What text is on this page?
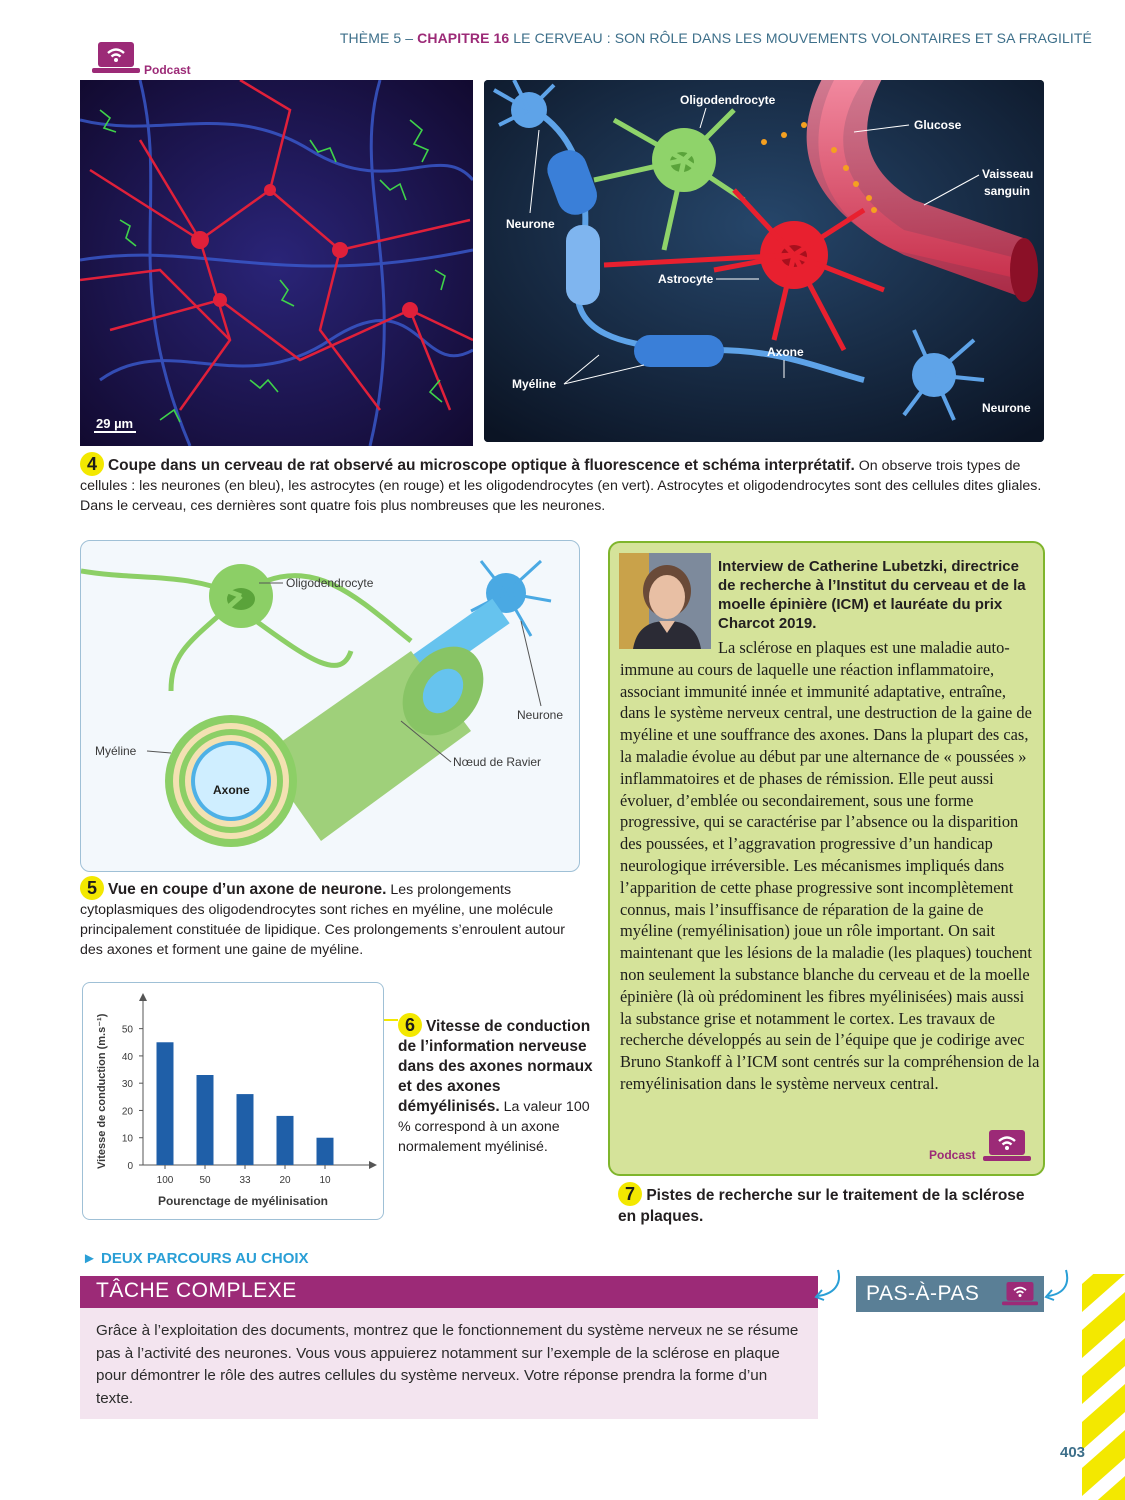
THÈME 5 – CHAPITRE 16 LE CERVEAU : SON RÔLE DANS LES MOUVEMENTS VOLONTAIRES ET SA FRAGILITÉ
Podcast
29 µm
Oligodendrocyte
Glucose
Vaisseau
sanguin
Neurone
Astrocyte
Axone
Myéline
Neurone
4 Coupe dans un cerveau de rat observé au microscope optique à fluorescence et schéma interprétatif. On observe trois types de cellules : les neurones (en bleu), les astrocytes (en rouge) et les oligodendrocytes (en vert). Astrocytes et oligodendrocytes sont des cellules dites gliales. Dans le cerveau, ces dernières sont quatre fois plus nombreuses que les neurones.
Oligodendrocyte
Neurone
Myéline
Nœud de Ravier
Axone
5 Vue en coupe d’un axone de neurone. Les prolongements cytoplasmiques des oligodendrocytes sont riches en myéline, une molécule principalement constituée de lipidique. Ces prolongements s’enroulent autour des axones et forment une gaine de myéline.
Vitesse de conduction (m.s⁻¹)
Pourenctage de myélinisation
0
10
20
30
40
50
100	50	33	20	10
6 Vitesse de conduction de l’information nerveuse dans des axones normaux et des axones démyélinisés. La valeur 100 % correspond à un axone normalement myélinisé.
Interview de Catherine Lubetzki, directrice de recherche à l’Institut du cerveau et de la moelle épinière (ICM) et lauréate du prix Charcot 2019.

La sclérose en plaques est une maladie auto-immune au cours de laquelle une réaction inflammatoire, associant immunité innée et immunité adaptative, entraîne, dans le système nerveux central, une destruction de la gaine de myéline et une souffrance des axones. Dans la plupart des cas, la maladie évolue au début par une alternance de « poussées » inflammatoires et de phases de rémission. Elle peut aussi évoluer, d’emblée ou secondairement, sous une forme progressive, qui se caractérise par l’absence ou la disparition des poussées, et l’aggravation progressive d’un handicap neurologique irréversible. Les mécanismes impliqués dans l’apparition de cette phase progressive sont incomplètement connus, mais l’insuffisance de réparation de la gaine de myéline (remyélinisation) joue un rôle important. On sait maintenant que les lésions de la maladie (les plaques) touchent non seulement la substance blanche du cerveau et de la moelle épinière (là où prédominent les fibres myélinisées) mais aussi la substance grise et notamment le cortex. Les travaux de recherche développés au sein de l’équipe que je codirige avec Bruno Stankoff à l’ICM sont centrés sur la compréhension de la remyélinisation dans le système nerveux central.

Podcast
7 Pistes de recherche sur le traitement de la sclérose en plaques.
► DEUX PARCOURS AU CHOIX
TÂCHE COMPLEXE

Grâce à l’exploitation des documents, montrez que le fonctionnement du système nerveux ne se résume pas à l’activité des neurones. Vous vous appuierez notamment sur l’exemple de la sclérose en plaque pour démontrer le rôle des autres cellules du système nerveux. Votre réponse prendra la forme d’un texte.

PAS-À-PAS
403
